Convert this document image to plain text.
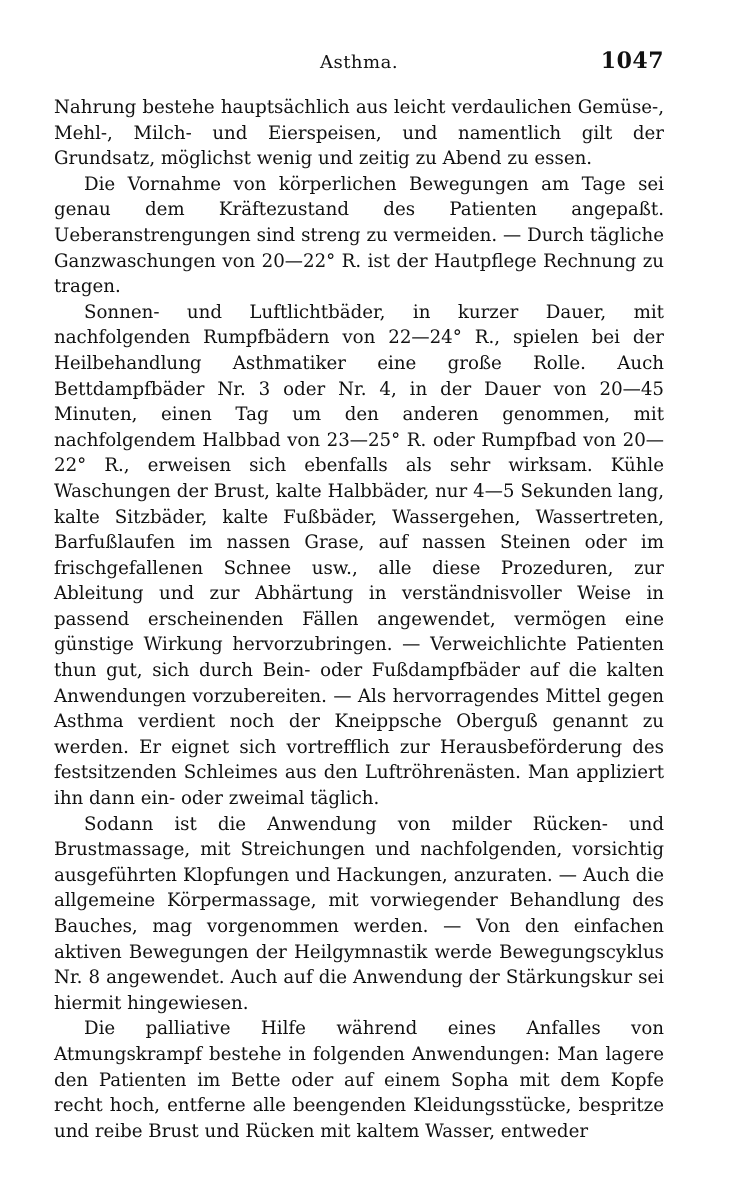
Asthma.	1047

Nahrung bestehe hauptsächlich aus leicht verdaulichen Gemüse-, Mehl-, Milch- und Eierspeisen, und namentlich gilt der Grundsatz, möglichst wenig und zeitig zu Abend zu essen.

Die Vornahme von körperlichen Bewegungen am Tage sei genau dem Kräftezustand des Patienten angepaßt. Ueberanstrengungen sind streng zu vermeiden. — Durch tägliche Ganzwaschungen von 20—22° R. ist der Hautpflege Rechnung zu tragen.

Sonnen- und Luftlichtbäder, in kurzer Dauer, mit nachfolgenden Rumpfbädern von 22—24° R., spielen bei der Heilbehandlung Asthmatiker eine große Rolle. Auch Bettdampfbäder Nr. 3 oder Nr. 4, in der Dauer von 20—45 Minuten, einen Tag um den anderen genommen, mit nachfolgendem Halbbad von 23—25° R. oder Rumpfbad von 20—22° R., erweisen sich ebenfalls als sehr wirksam. Kühle Waschungen der Brust, kalte Halbbäder, nur 4—5 Sekunden lang, kalte Sitzbäder, kalte Fußbäder, Wassergehen, Wassertreten, Barfußlaufen im nassen Grase, auf nassen Steinen oder im frischgefallenen Schnee usw., alle diese Prozeduren, zur Ableitung und zur Abhärtung in verständnisvoller Weise in passend erscheinenden Fällen angewendet, vermögen eine günstige Wirkung hervorzubringen. — Verweichlichte Patienten thun gut, sich durch Bein- oder Fußdampfbäder auf die kalten Anwendungen vorzubereiten. — Als hervorragendes Mittel gegen Asthma verdient noch der Kneippsche Oberguß genannt zu werden. Er eignet sich vortrefflich zur Herausbeförderung des festsitzenden Schleimes aus den Luftröhrenästen. Man appliziert ihn dann ein- oder zweimal täglich.

Sodann ist die Anwendung von milder Rücken- und Brustmassage, mit Streichungen und nachfolgenden, vorsichtig ausgeführten Klopfungen und Hackungen, anzuraten. — Auch die allgemeine Körpermassage, mit vorwiegender Behandlung des Bauches, mag vorgenommen werden. — Von den einfachen aktiven Bewegungen der Heilgymnastik werde Bewegungscyklus Nr. 8 angewendet. Auch auf die Anwendung der Stärkungskur sei hiermit hingewiesen.

Die palliative Hilfe während eines Anfalles von Atmungskrampf bestehe in folgenden Anwendungen: Man lagere den Patienten im Bette oder auf einem Sopha mit dem Kopfe recht hoch, entferne alle beengenden Kleidungsstücke, bespritze und reibe Brust und Rücken mit kaltem Wasser, entweder
